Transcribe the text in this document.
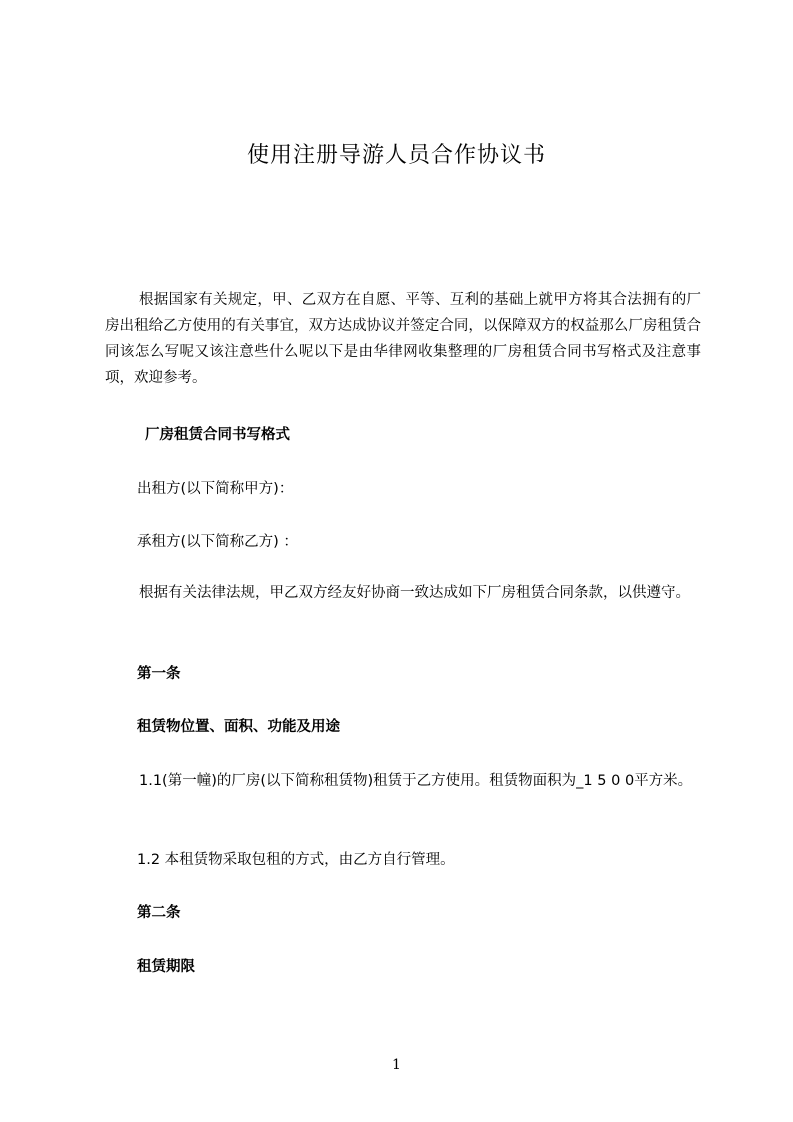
使用注册导游人员合作协议书

根据国家有关规定，甲、乙双方在自愿、平等、互利的基础上就甲方将其合法拥有的厂房出租给乙方使用的有关事宜，双方达成协议并签定合同，以保障双方的权益那么厂房租赁合同该怎么写呢又该注意些什么呢以下是由华律网收集整理的厂房租赁合同书写格式及注意事项，欢迎参考。

厂房租赁合同书写格式

出租方(以下简称甲方)：

承租方(以下简称乙方) ：

根据有关法律法规，甲乙双方经友好协商一致达成如下厂房租赁合同条款，以供遵守。

第一条

租赁物位置、面积、功能及用途

1.1(第一幢)的厂房(以下简称租赁物)租赁于乙方使用。租赁物面积为_1 5 0 0平方米。

1.2 本租赁物采取包租的方式，由乙方自行管理。

第二条

租赁期限

1
